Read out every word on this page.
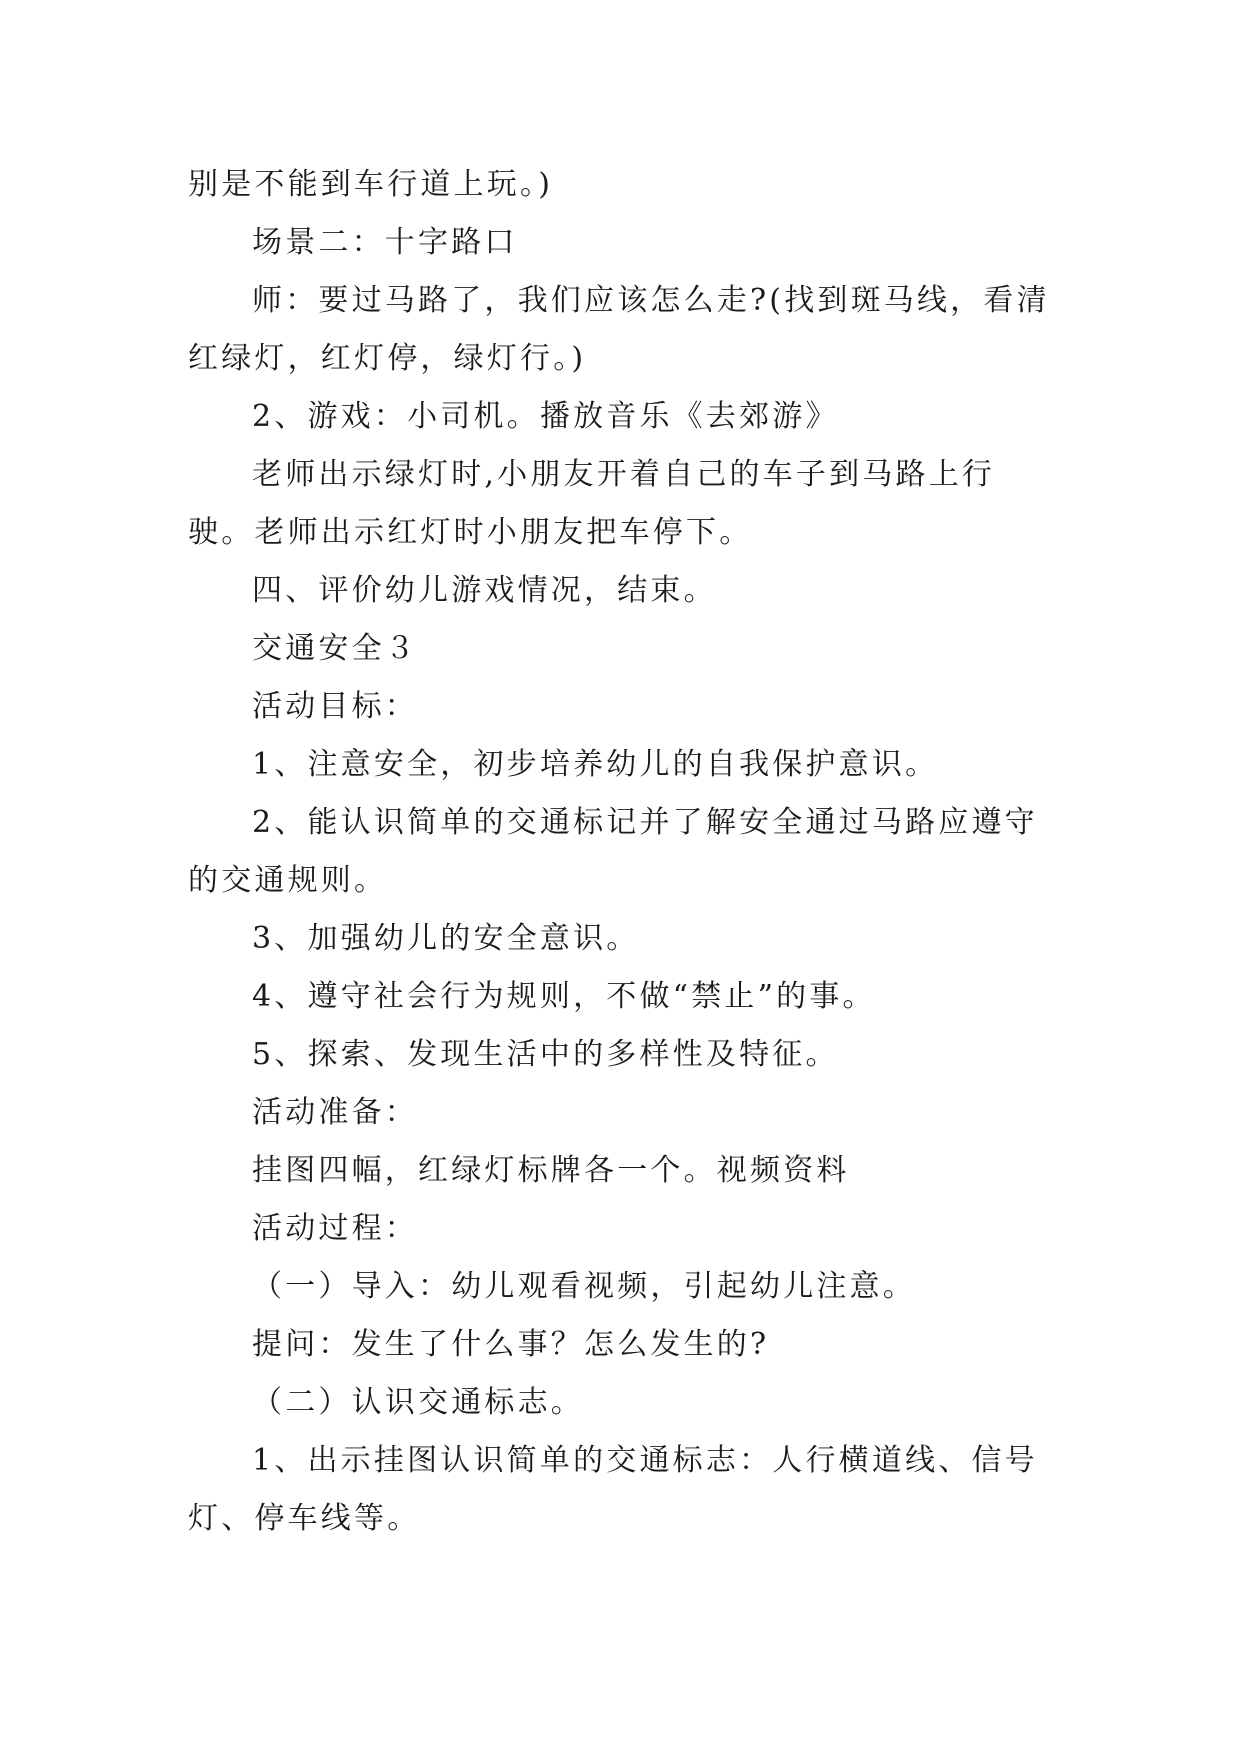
别是不能到车行道上玩。)

场景二：十字路口

师：要过马路了，我们应该怎么走?(找到斑马线，看清红绿灯，红灯停，绿灯行。)

2、游戏：小司机。播放音乐《去郊游》

老师出示绿灯时,小朋友开着自己的车子到马路上行驶。老师出示红灯时小朋友把车停下。

四、评价幼儿游戏情况，结束。

交通安全３

活动目标：

1、注意安全，初步培养幼儿的自我保护意识。

2、能认识简单的交通标记并了解安全通过马路应遵守的交通规则。

3、加强幼儿的安全意识。

4、遵守社会行为规则，不做“禁止”的事。

5、探索、发现生活中的多样性及特征。

活动准备：

挂图四幅，红绿灯标牌各一个。视频资料

活动过程：

（一）导入：幼儿观看视频，引起幼儿注意。

提问：发生了什么事？怎么发生的?

（二）认识交通标志。

1、出示挂图认识简单的交通标志：人行横道线、信号灯、停车线等。
